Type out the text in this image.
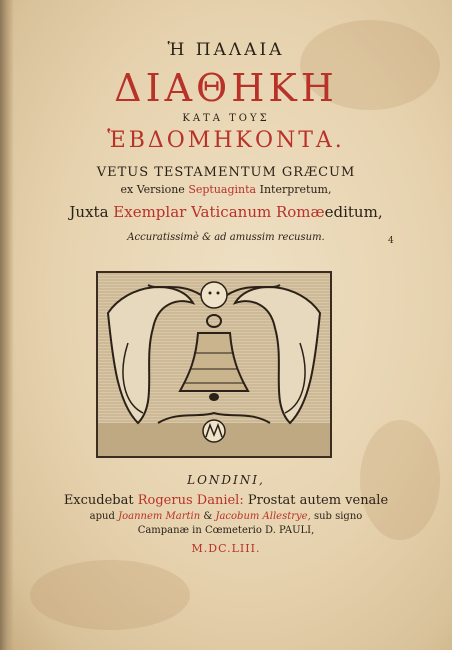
Ἡ ΠΑΛΑΙΑ
ΔΙΑΘΗΚΗ
ΚΑΤΑ ΤΟΥΣ
ἙΒΔΟΜΗΚΟΝΤΑ.
VETUS TESTAMENTUM GRÆCUM
ex Versione Septuaginta Interpretum,
Juxta Exemplar Vaticanum Romæeditum,
Accuratissimè & ad amussim recusum.	4
LONDINI,
Excudebat Rogerus Daniel: Prostat autem venale
apud Joannem Martin & Jacobum Allestrye, sub signo
Campanæ in Cœmeterio D. PAULI,
M.DC.LIII.
